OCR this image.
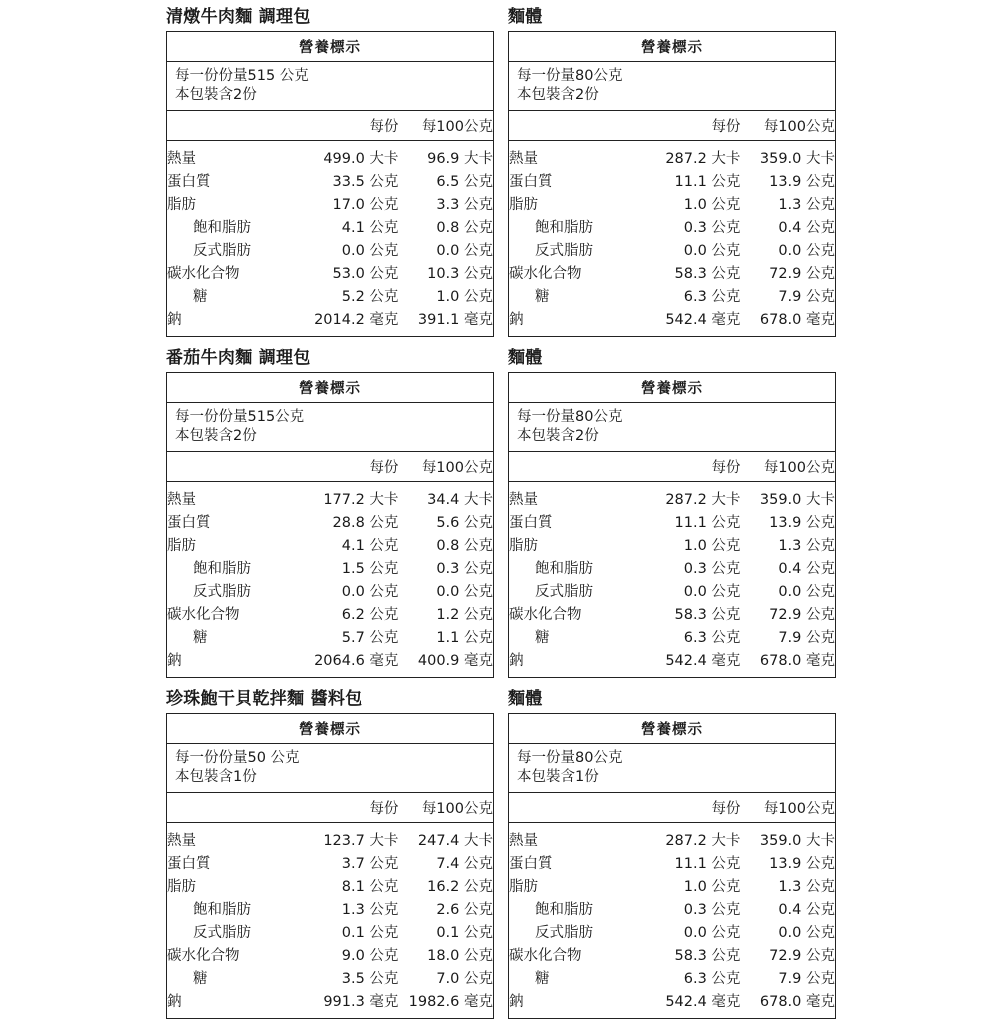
清燉牛肉麵 調理包
營養標示
每一份份量515 公克
本包裝含2份
	每份	每100公克
熱量	499.0 大卡	96.9 大卡
蛋白質	33.5 公克	6.5 公克
脂肪	17.0 公克	3.3 公克
飽和脂肪	4.1 公克	0.8 公克
反式脂肪	0.0 公克	0.0 公克
碳水化合物	53.0 公克	10.3 公克
糖	5.2 公克	1.0 公克
鈉	2014.2 毫克	391.1 毫克
麵體
營養標示
每一份量80公克
本包裝含2份
	每份	每100公克
熱量	287.2 大卡	359.0 大卡
蛋白質	11.1 公克	13.9 公克
脂肪	1.0 公克	1.3 公克
飽和脂肪	0.3 公克	0.4 公克
反式脂肪	0.0 公克	0.0 公克
碳水化合物	58.3 公克	72.9 公克
糖	6.3 公克	7.9 公克
鈉	542.4 毫克	678.0 毫克
番茄牛肉麵 調理包
營養標示
每一份份量515公克
本包裝含2份
	每份	每100公克
熱量	177.2 大卡	34.4 大卡
蛋白質	28.8 公克	5.6 公克
脂肪	4.1 公克	0.8 公克
飽和脂肪	1.5 公克	0.3 公克
反式脂肪	0.0 公克	0.0 公克
碳水化合物	6.2 公克	1.2 公克
糖	5.7 公克	1.1 公克
鈉	2064.6 毫克	400.9 毫克
麵體
營養標示
每一份量80公克
本包裝含2份
	每份	每100公克
熱量	287.2 大卡	359.0 大卡
蛋白質	11.1 公克	13.9 公克
脂肪	1.0 公克	1.3 公克
飽和脂肪	0.3 公克	0.4 公克
反式脂肪	0.0 公克	0.0 公克
碳水化合物	58.3 公克	72.9 公克
糖	6.3 公克	7.9 公克
鈉	542.4 毫克	678.0 毫克
珍珠鮑干貝乾拌麵 醬料包
營養標示
每一份份量50 公克
本包裝含1份
	每份	每100公克
熱量	123.7 大卡	247.4 大卡
蛋白質	3.7 公克	7.4 公克
脂肪	8.1 公克	16.2 公克
飽和脂肪	1.3 公克	2.6 公克
反式脂肪	0.1 公克	0.1 公克
碳水化合物	9.0 公克	18.0 公克
糖	3.5 公克	7.0 公克
鈉	991.3 毫克	1982.6 毫克
麵體
營養標示
每一份量80公克
本包裝含1份
	每份	每100公克
熱量	287.2 大卡	359.0 大卡
蛋白質	11.1 公克	13.9 公克
脂肪	1.0 公克	1.3 公克
飽和脂肪	0.3 公克	0.4 公克
反式脂肪	0.0 公克	0.0 公克
碳水化合物	58.3 公克	72.9 公克
糖	6.3 公克	7.9 公克
鈉	542.4 毫克	678.0 毫克
